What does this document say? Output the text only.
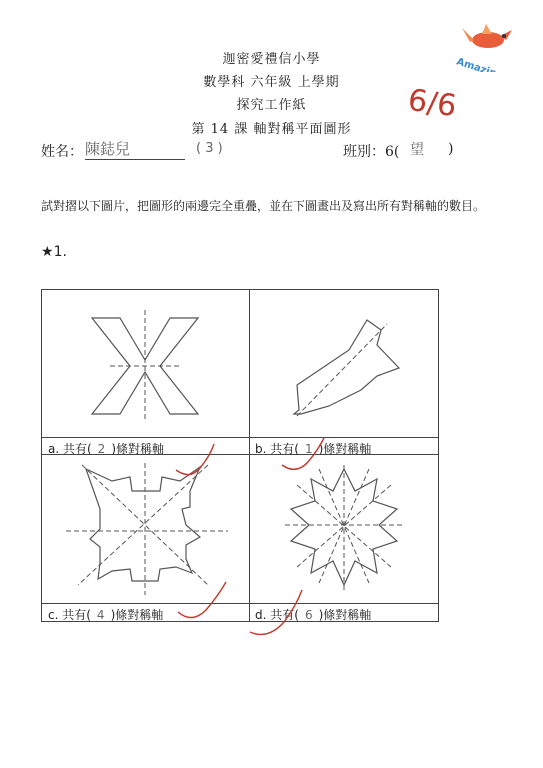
Amazing!
迦密愛禮信小學
數學科 六年級 上學期
探究工作紙
第 14 課 軸對稱平面圖形
6/6
姓名： 陳鋕兒	( 3 )	班別：6( 望 )
試對摺以下圖片，把圖形的兩邊完全重疊，並在下圖畫出及寫出所有對稱軸的數目。
★1.
a. 共有( 2 )條對稱軸	b. 共有( 1 )條對稱軸
c. 共有( 4 )條對稱軸	d. 共有( 6 )條對稱軸
